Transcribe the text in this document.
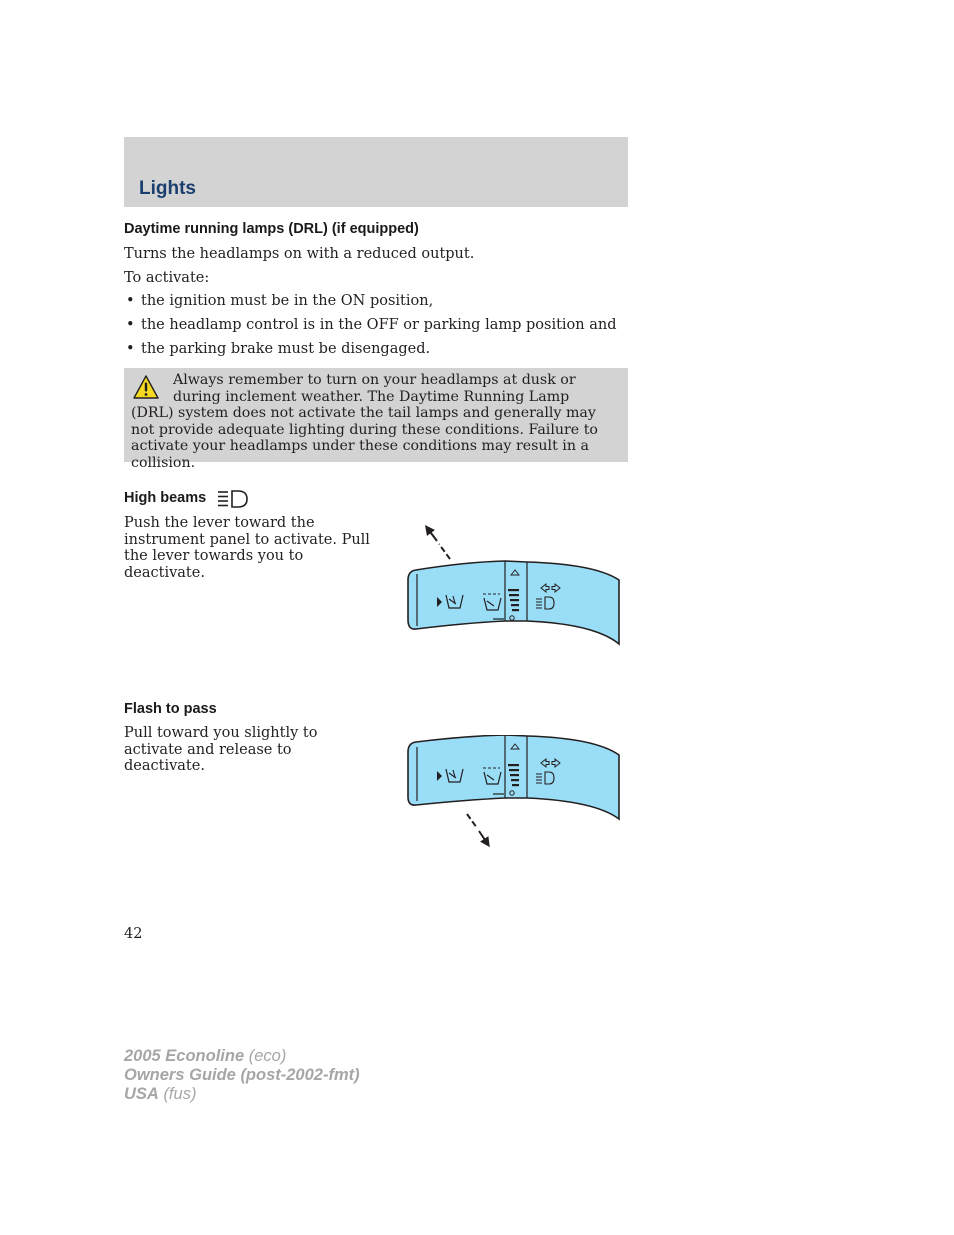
Lights
Daytime running lamps (DRL) (if equipped)

Turns the headlamps on with a reduced output.

To activate:

• the ignition must be in the ON position,
• the headlamp control is in the OFF or parking lamp position and
• the parking brake must be disengaged.

Always remember to turn on your headlamps at dusk or during inclement weather. The Daytime Running Lamp (DRL) system does not activate the tail lamps and generally may not provide adequate lighting during these conditions. Failure to activate your headlamps under these conditions may result in a collision.

High beams

Push the lever toward the instrument panel to activate. Pull the lever towards you to deactivate.

Flash to pass

Pull toward you slightly to activate and release to deactivate.

42
2005 Econoline (eco)
Owners Guide (post-2002-fmt)
USA (fus)
